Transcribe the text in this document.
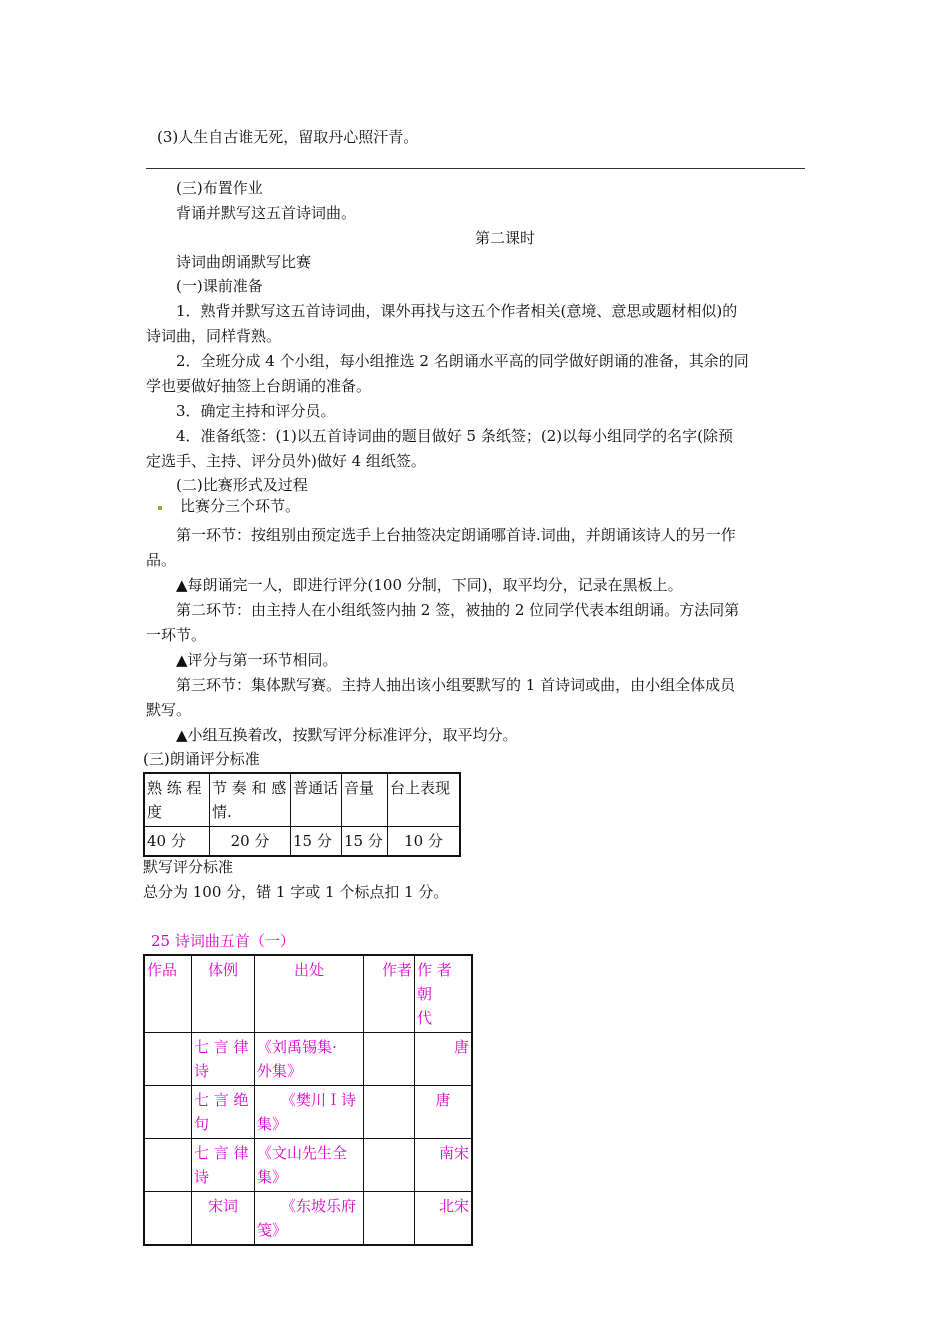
(3)人生自古谁无死，留取丹心照汗青。
(三)布置作业
背诵并默写这五首诗词曲。
第二课时
诗词曲朗诵默写比赛
(一)课前准备
1．熟背并默写这五首诗词曲，课外再找与这五个作者相关(意境、意思或题材相似)的
诗词曲，同样背熟。
2．全班分成 4 个小组，每小组推选 2 名朗诵水平高的同学做好朗诵的准备，其余的同
学也要做好抽签上台朗诵的准备。
3．确定主持和评分员。
4．准备纸签：(1)以五首诗词曲的题目做好 5 条纸签；(2)以每小组同学的名字(除预
定选手、主持、评分员外)做好 4 组纸签。
(二)比赛形式及过程
比赛分三个环节。
第一环节：按组别由预定选手上台抽签决定朗诵哪首诗.词曲，并朗诵该诗人的另一作
品。
▲每朗诵完一人，即进行评分(100 分制，下同)，取平均分，记录在黑板上。
第二环节：由主持人在小组纸签内抽 2 签，被抽的 2 位同学代表本组朗诵。方法同第
一环节。
▲评分与第一环节相同。
第三环节：集体默写赛。主持人抽出该小组要默写的 1 首诗词或曲，由小组全体成员
默写。
▲小组互换着改，按默写评分标准评分，取平均分。
(三)朗诵评分标准
熟 练 程
度	节 奏 和 感
情.	普通话	音量	台上表现
40 分	20 分	15 分	15 分	10 分
默写评分标准
总分为 100 分，错 1 字或 1 个标点扣 1 分。
25 诗词曲五首（一）
作品	体例	出处	作者	作 者 朝
代
	七 言 律
诗	《刘禹锡集·
外集》		唐
	七 言 绝
句	《樊川Ｉ诗
集》		唐
	七 言 律
诗	《文山先生全
集》		南宋
	宋词	《东坡乐府
笺》		北宋
